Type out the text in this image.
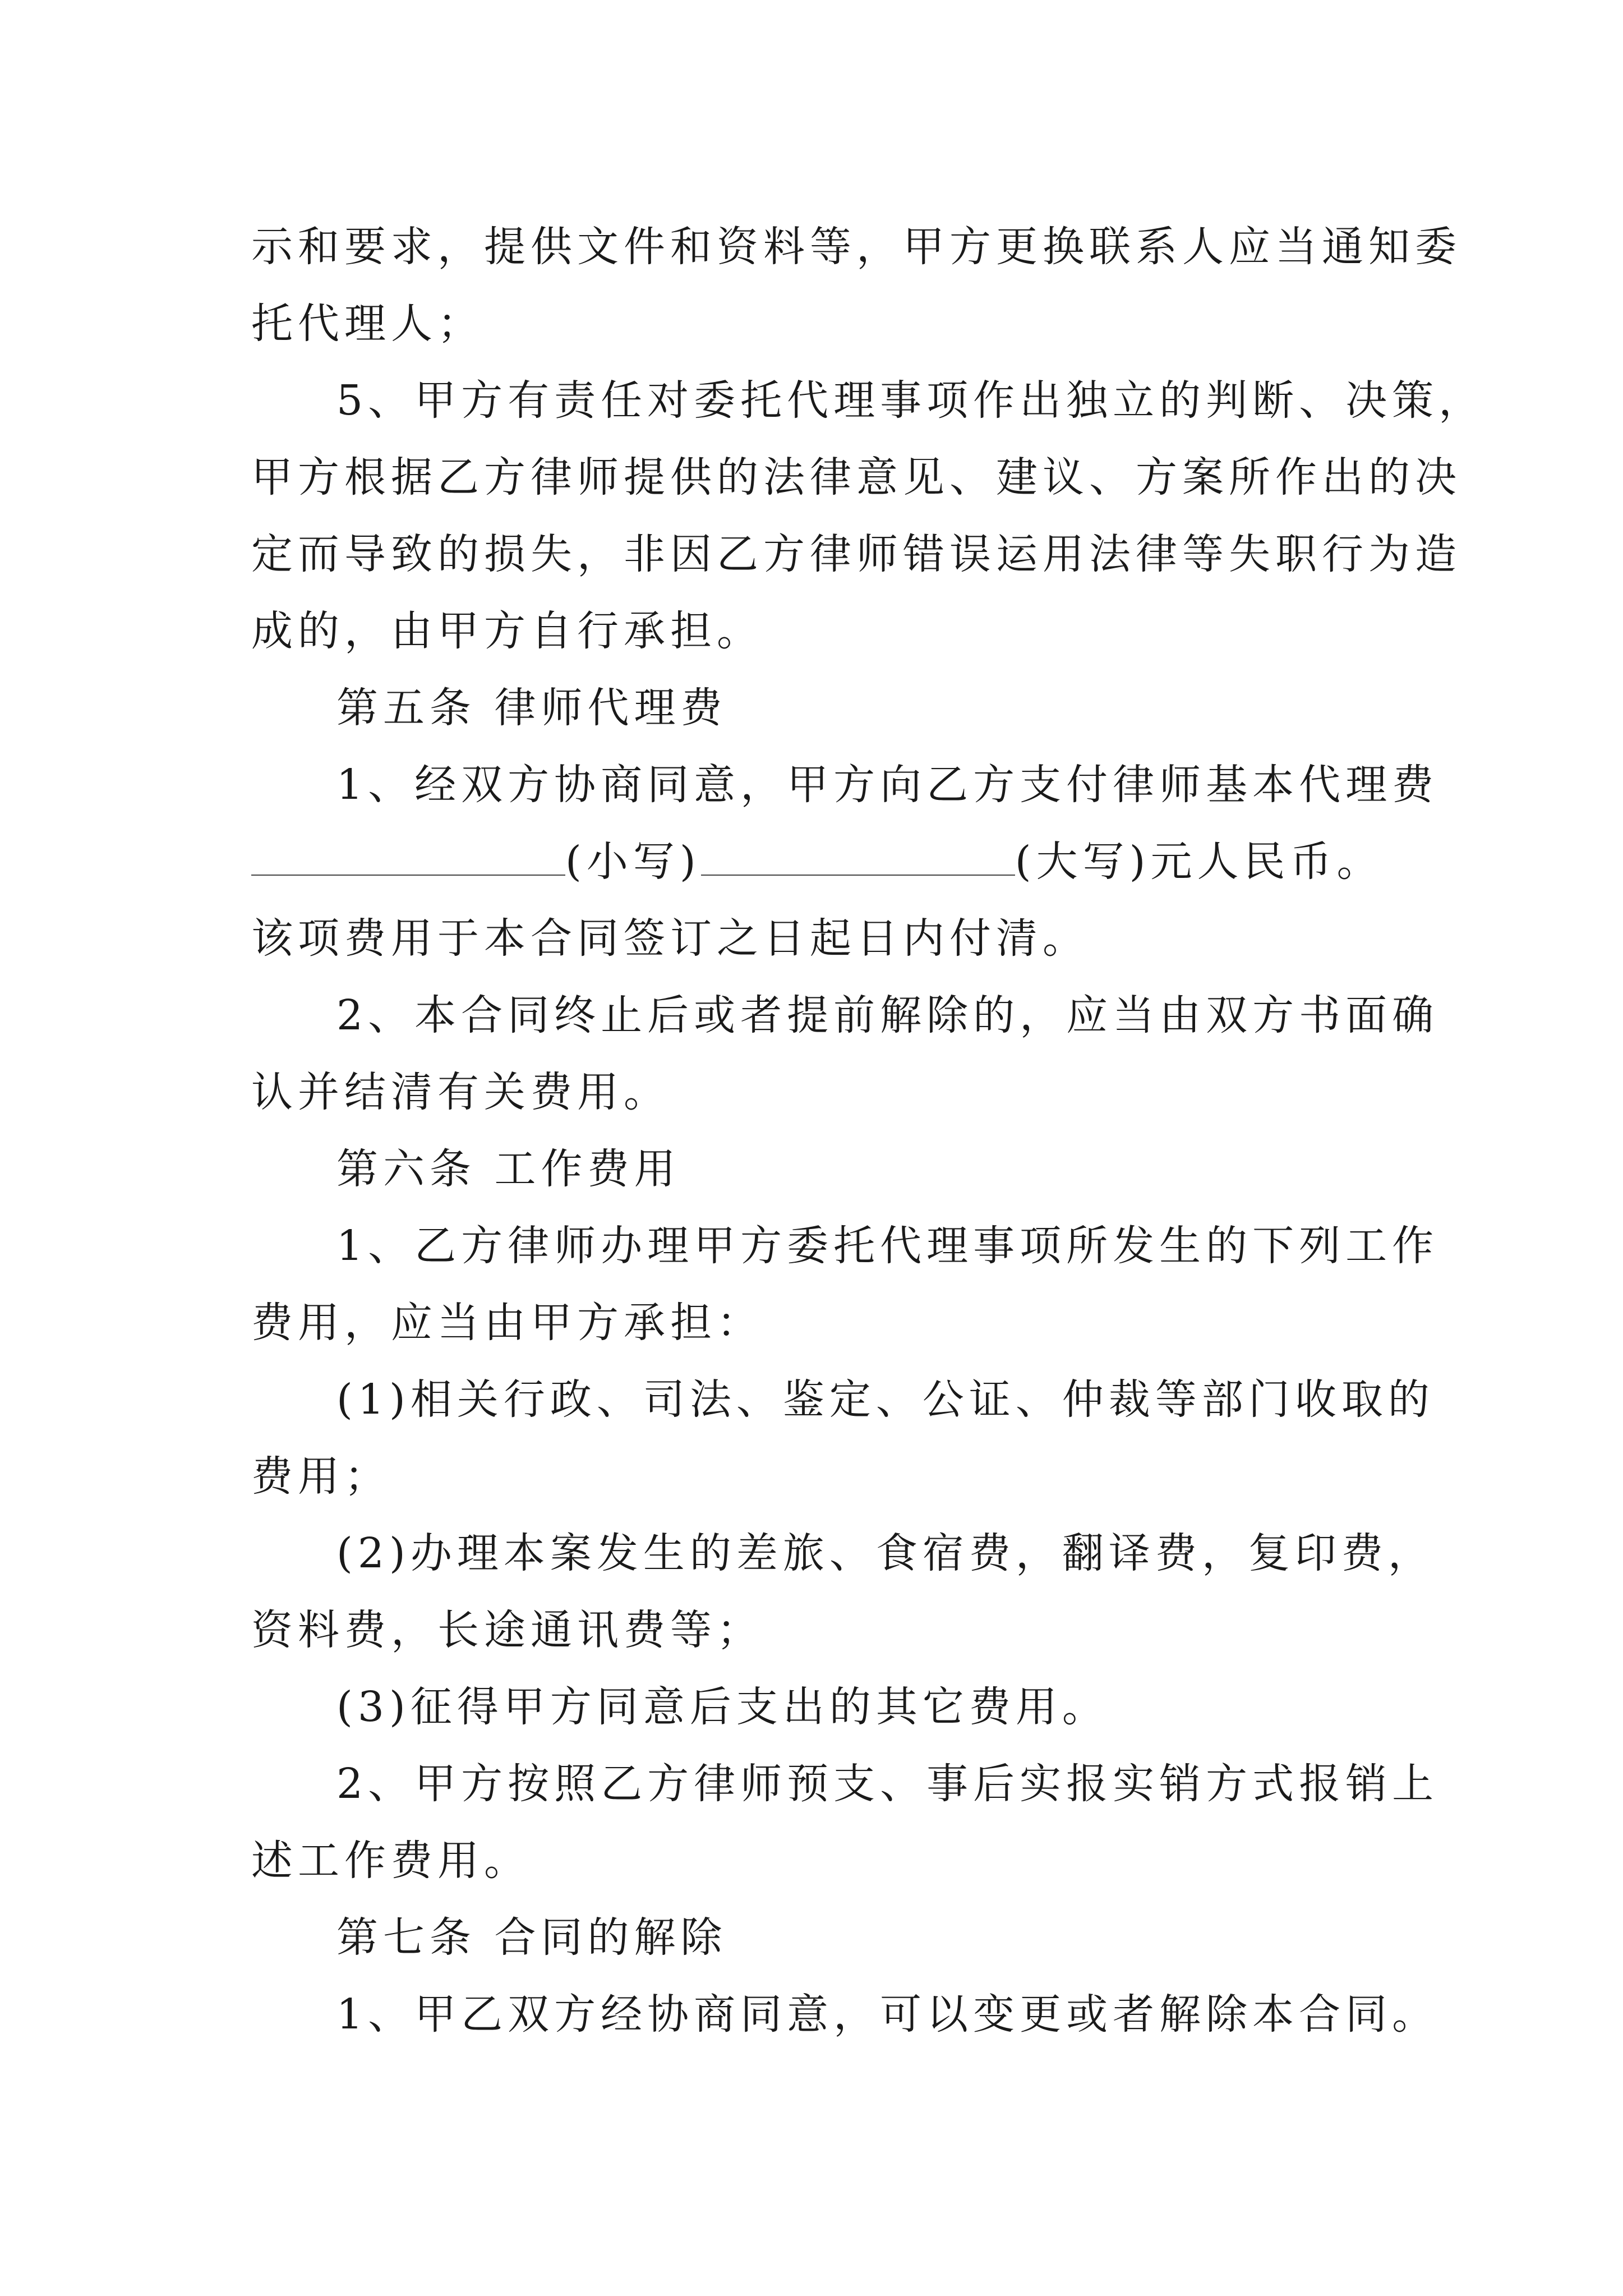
示和要求，提供文件和资料等，甲方更换联系人应当通知委
托代理人；
5、甲方有责任对委托代理事项作出独立的判断、决策，
甲方根据乙方律师提供的法律意见、建议、方案所作出的决
定而导致的损失，非因乙方律师错误运用法律等失职行为造
成的，由甲方自行承担。
第五条 律师代理费
1、经双方协商同意，甲方向乙方支付律师基本代理费
(小写)	(大写)元人民币。
该项费用于本合同签订之日起日内付清。
2、本合同终止后或者提前解除的，应当由双方书面确
认并结清有关费用。
第六条 工作费用
1、乙方律师办理甲方委托代理事项所发生的下列工作
费用，应当由甲方承担：
(1)相关行政、司法、鉴定、公证、仲裁等部门收取的
费用；
(2)办理本案发生的差旅、食宿费，翻译费，复印费，
资料费，长途通讯费等；
(3)征得甲方同意后支出的其它费用。
2、甲方按照乙方律师预支、事后实报实销方式报销上
述工作费用。
第七条 合同的解除
1、甲乙双方经协商同意，可以变更或者解除本合同。
